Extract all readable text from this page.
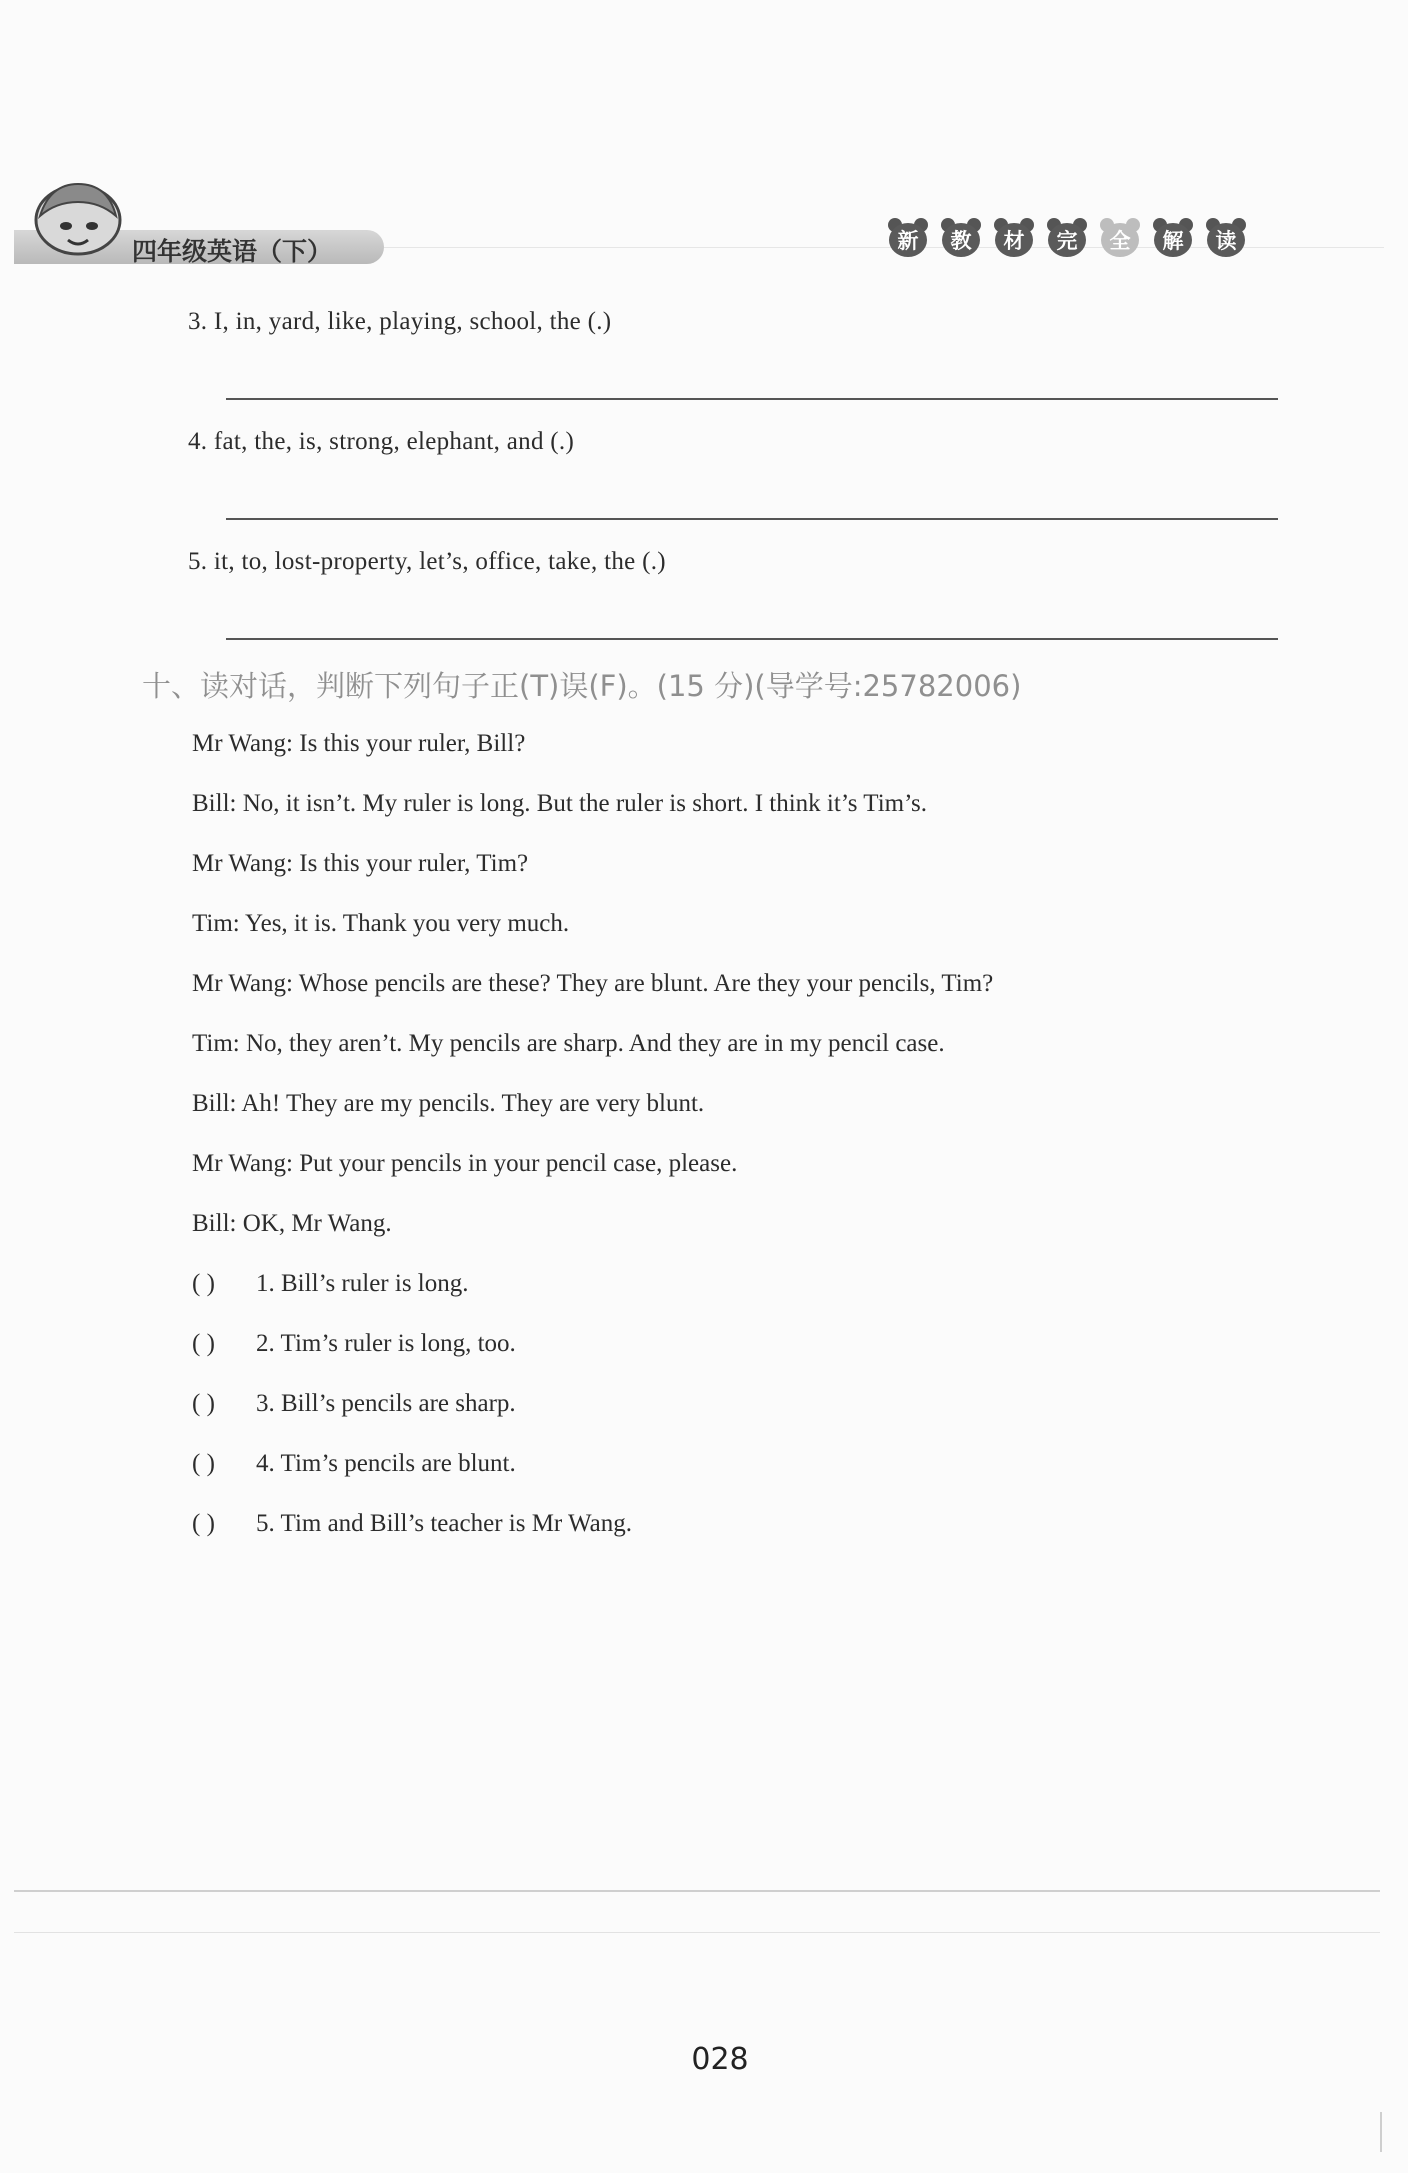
四年级英语（下）	新	教	材	完	全	解	读
3. I, in, yard, like, playing, school, the (.)
4. fat, the, is, strong, elephant, and (.)
5. it, to, lost-property, let’s, office, take, the (.)
十、读对话，判断下列句子正(T)误(F)。(15 分)(导学号:25782006)
Mr Wang: Is this your ruler, Bill?
Bill: No, it isn’t. My ruler is long. But the ruler is short. I think it’s Tim’s.
Mr Wang: Is this your ruler, Tim?
Tim: Yes, it is. Thank you very much.
Mr Wang: Whose pencils are these? They are blunt. Are they your pencils, Tim?
Tim: No, they aren’t. My pencils are sharp. And they are in my pencil case.
Bill: Ah! They are my pencils. They are very blunt.
Mr Wang: Put your pencils in your pencil case, please.
Bill: OK, Mr Wang.
( ) 1. Bill’s ruler is long.
( ) 2. Tim’s ruler is long, too.
( ) 3. Bill’s pencils are sharp.
( ) 4. Tim’s pencils are blunt.
( ) 5. Tim and Bill’s teacher is Mr Wang.
028
